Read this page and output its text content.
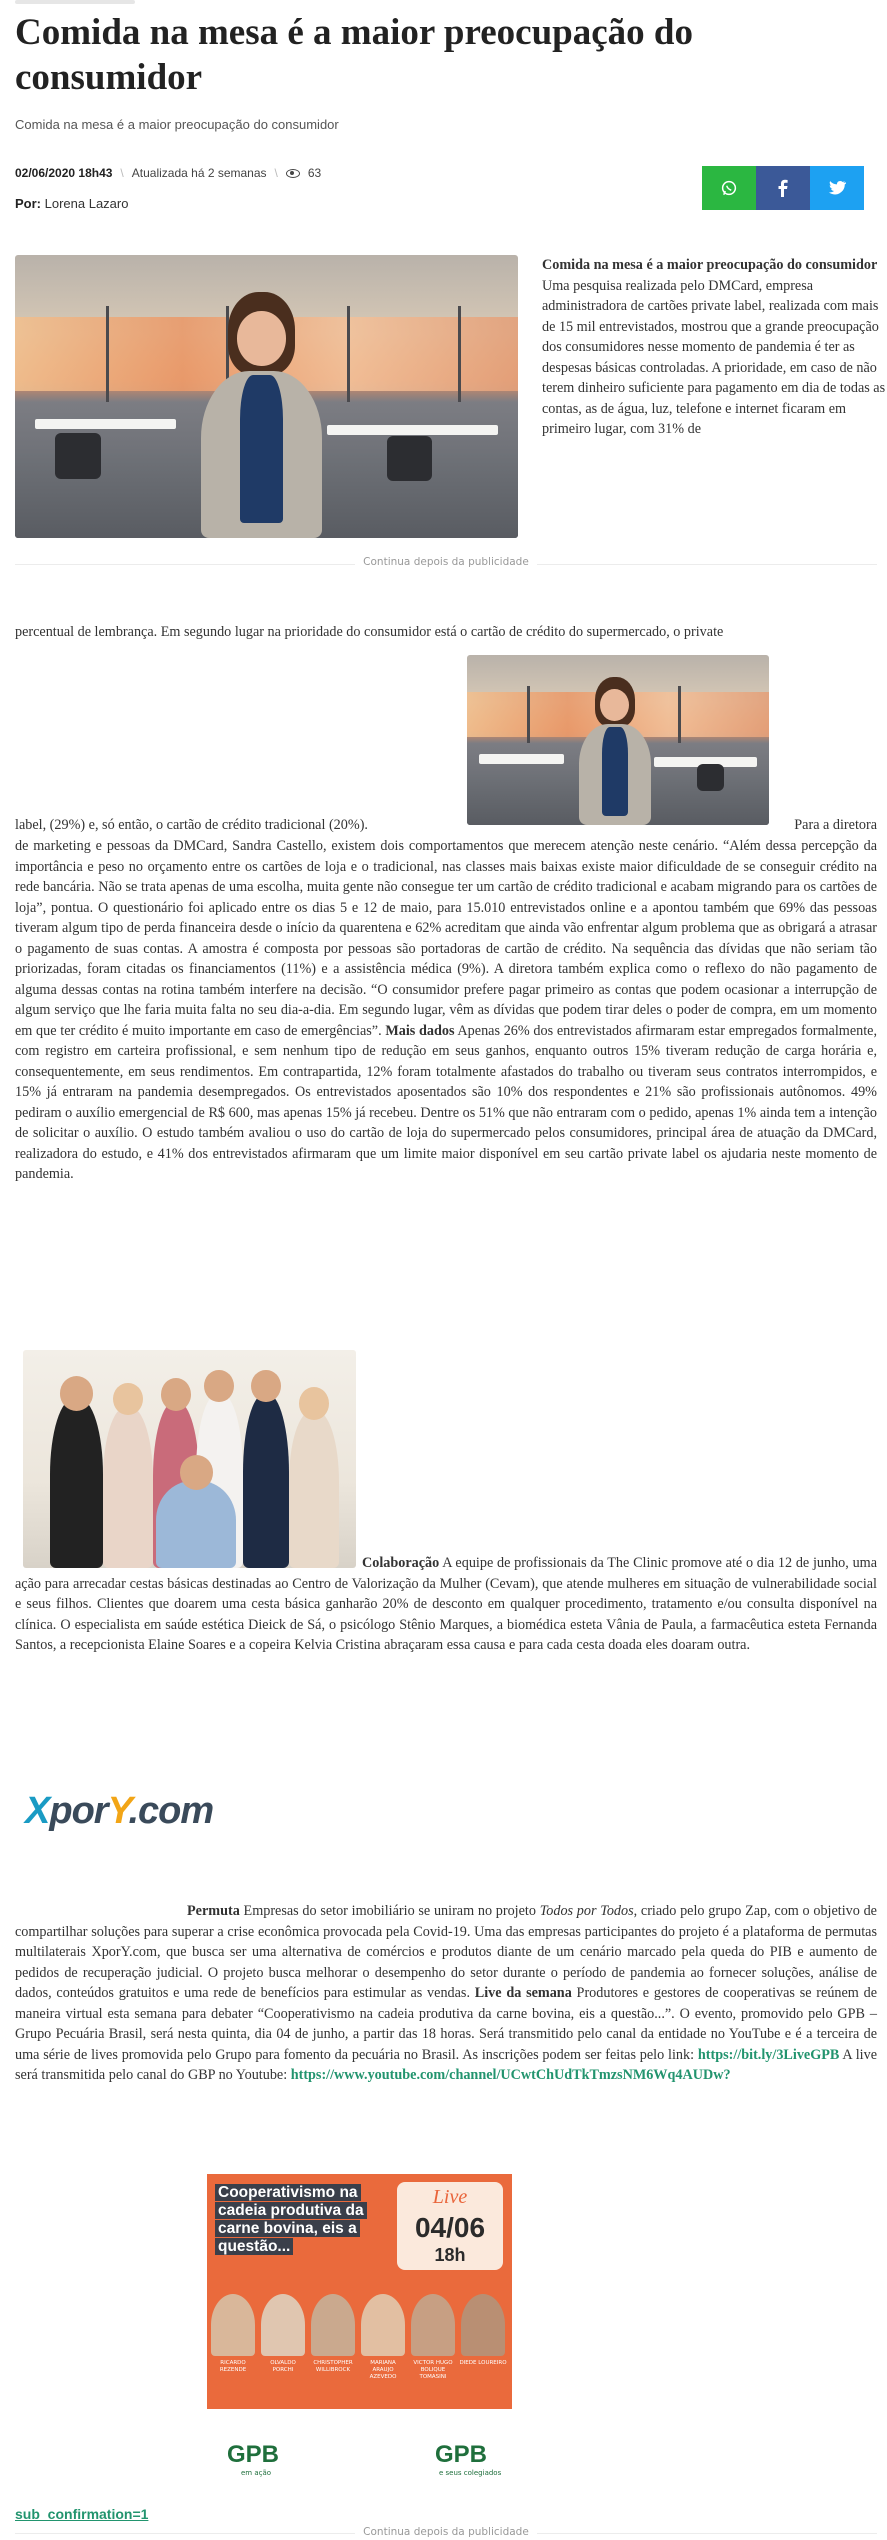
Comida na mesa é a maior preocupação do consumidor
Comida na mesa é a maior preocupação do consumidor
02/06/2020 18h43 \ Atualizada há 2 semanas \	63
Por: Lorena Lazaro

Comida na mesa é a maior preocupação do consumidor Uma pesquisa realizada pelo DMCard, empresa administradora de cartões private label, realizada com mais de 15 mil entrevistados, mostrou que a grande preocupação dos consumidores nesse momento de pandemia é ter as despesas básicas controladas. A prioridade, em caso de não terem dinheiro suficiente para pagamento em dia de todas as contas, as de água, luz, telefone e internet ficaram em primeiro lugar, com 31% de

Continua depois da publicidade

percentual de lembrança. Em segundo lugar na prioridade do consumidor está o cartão de crédito do supermercado, o private

label, (29%) e, só então, o cartão de crédito tradicional (20%).	Para a diretora

de marketing e pessoas da DMCard, Sandra Castello, existem dois comportamentos que merecem atenção neste cenário. “Além dessa percepção da importância e peso no orçamento entre os cartões de loja e o tradicional, nas classes mais baixas existe maior dificuldade de se conseguir crédito na rede bancária. Não se trata apenas de uma escolha, muita gente não consegue ter um cartão de crédito tradicional e acabam migrando para os cartões de loja”, pontua. O questionário foi aplicado entre os dias 5 e 12 de maio, para 15.010 entrevistados online e a apontou também que 69% das pessoas tiveram algum tipo de perda financeira desde o início da quarentena e 62% acreditam que ainda vão enfrentar algum problema que as obrigará a atrasar o pagamento de suas contas. A amostra é composta por pessoas são portadoras de cartão de crédito. Na sequência das dívidas que não seriam tão priorizadas, foram citadas os financiamentos (11%) e a assistência médica (9%). A diretora também explica como o reflexo do não pagamento de alguma dessas contas na rotina também interfere na decisão. “O consumidor prefere pagar primeiro as contas que podem ocasionar a interrupção de algum serviço que lhe faria muita falta no seu dia-a-dia. Em segundo lugar, vêm as dívidas que podem tirar deles o poder de compra, em um momento em que ter crédito é muito importante em caso de emergências”. Mais dados Apenas 26% dos entrevistados afirmaram estar empregados formalmente, com registro em carteira profissional, e sem nenhum tipo de redução em seus ganhos, enquanto outros 15% tiveram redução de carga horária e, consequentemente, em seus rendimentos. Em contrapartida, 12% foram totalmente afastados do trabalho ou tiveram seus contratos interrompidos, e 15% já entraram na pandemia desempregados. Os entrevistados aposentados são 10% dos respondentes e 21% são profissionais autônomos. 49% pediram o auxílio emergencial de R$ 600, mas apenas 15% já recebeu. Dentre os 51% que não entraram com o pedido, apenas 1% ainda tem a intenção de solicitar o auxílio. O estudo também avaliou o uso do cartão de loja do supermercado pelos consumidores, principal área de atuação da DMCard, realizadora do estudo, e 41% dos entrevistados afirmaram que um limite maior disponível em seu cartão private label os ajudaria neste momento de pandemia.

Colaboração A equipe de profissionais da The Clinic promove até o dia 12 de junho, uma ação para arrecadar cestas básicas destinadas ao Centro de Valorização da Mulher (Cevam), que atende mulheres em situação de vulnerabilidade social e seus filhos. Clientes que doarem uma cesta básica ganharão 20% de desconto em qualquer procedimento, tratamento e/ou consulta disponível na clínica. O especialista em saúde estética Dieick de Sá, o psicólogo Stênio Marques, a biomédica esteta Vânia de Paula, a farmacêutica esteta Fernanda Santos, a recepcionista Elaine Soares e a copeira Kelvia Cristina abraçaram essa causa e para cada cesta doada eles doaram outra.

XporY.com

Permuta Empresas do setor imobiliário se uniram no projeto Todos por Todos, criado pelo grupo Zap, com o objetivo de compartilhar soluções para superar a crise econômica provocada pela Covid-19. Uma das empresas participantes do projeto é a plataforma de permutas multilaterais XporY.com, que busca ser uma alternativa de comércios e produtos diante de um cenário marcado pela queda do PIB e aumento de pedidos de recuperação judicial. O projeto busca melhorar o desempenho do setor durante o período de pandemia ao fornecer soluções, análise de dados, conteúdos gratuitos e uma rede de benefícios para estimular as vendas. Live da semana Produtores e gestores de cooperativas se reúnem de maneira virtual esta semana para debater “Cooperativismo na cadeia produtiva da carne bovina, eis a questão...”. O evento, promovido pelo GPB – Grupo Pecuária Brasil, será nesta quinta, dia 04 de junho, a partir das 18 horas. Será transmitido pelo canal da entidade no YouTube e é a terceira de uma série de lives promovida pelo Grupo para fomento da pecuária no Brasil. As inscrições podem ser feitas pelo link: https://bit.ly/3LiveGPB A live será transmitida pelo canal do GBP no Youtube: https://www.youtube.com/channel/UCwtChUdTkTmzsNM6Wq4AUDw?

Cooperativismo na cadeia produtiva da carne bovina, eis a questão...
Live
04/06
18h
RICARDO REZENDE
OLVALDO PORCHI
CHRISTOPHER WILLIBROCK
MARIANA ARAUJO AZEVEDO
VICTOR HUGO BOLIQUE TOMASINI
DIEDE LOUREIRO
GPB
em ação
GPB
e seus colegiados
sub_confirmation=1
Continua depois da publicidade
